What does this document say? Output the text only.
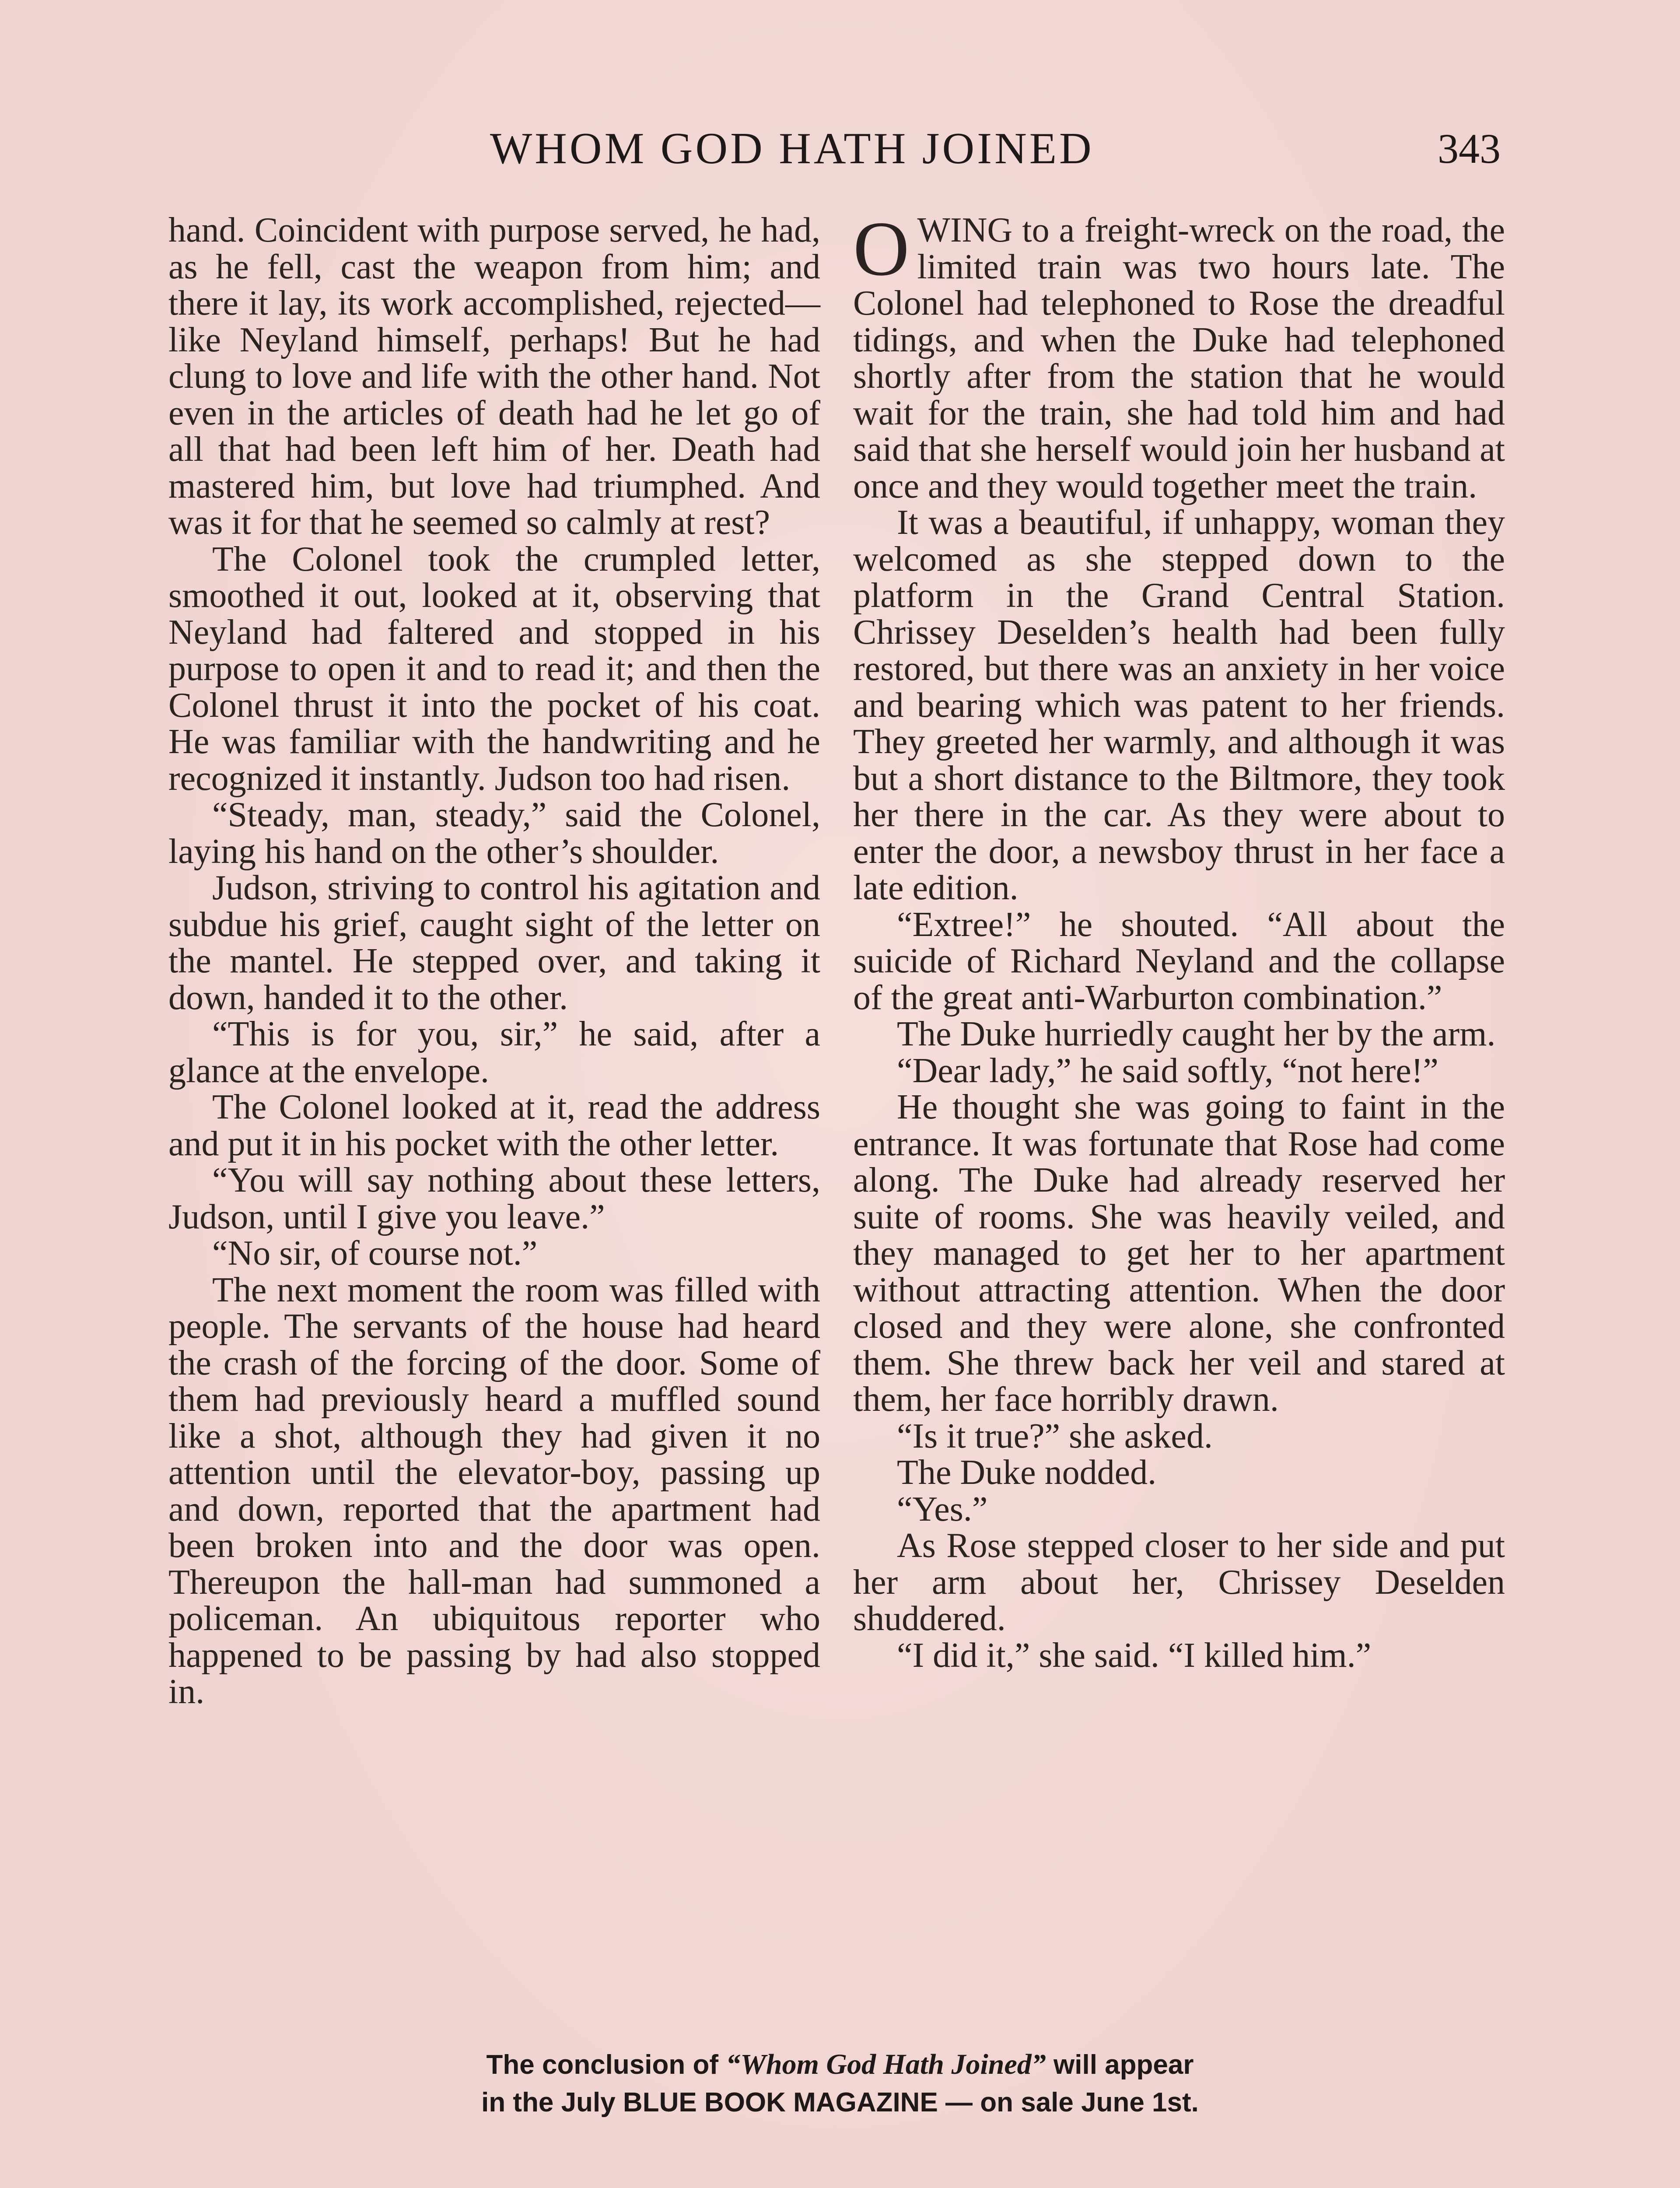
WHOM GOD HATH JOINED	343

hand. Coincident with purpose served, he had, as he fell, cast the weapon from him; and there it lay, its work accomplished, rejected—like Neyland himself, perhaps! But he had clung to love and life with the other hand. Not even in the articles of death had he let go of all that had been left him of her. Death had mastered him, but love had triumphed. And was it for that he seemed so calmly at rest?

The Colonel took the crumpled letter, smoothed it out, looked at it, observing that Neyland had faltered and stopped in his purpose to open it and to read it; and then the Colonel thrust it into the pocket of his coat. He was familiar with the handwriting and he recognized it instantly. Judson too had risen.

“Steady, man, steady,” said the Colonel, laying his hand on the other’s shoulder.

Judson, striving to control his agitation and subdue his grief, caught sight of the letter on the mantel. He stepped over, and taking it down, handed it to the other.

“This is for you, sir,” he said, after a glance at the envelope.

The Colonel looked at it, read the address and put it in his pocket with the other letter.

“You will say nothing about these letters, Judson, until I give you leave.”

“No sir, of course not.”

The next moment the room was filled with people. The servants of the house had heard the crash of the forcing of the door. Some of them had previously heard a muffled sound like a shot, although they had given it no attention until the elevator-boy, passing up and down, reported that the apartment had been broken into and the door was open. Thereupon the hall-man had summoned a policeman. An ubiquitous reporter who happened to be passing by had also stopped in.

OWING to a freight-wreck on the road, the limited train was two hours late. The Colonel had telephoned to Rose the dreadful tidings, and when the Duke had telephoned shortly after from the station that he would wait for the train, she had told him and had said that she herself would join her husband at once and they would together meet the train.

It was a beautiful, if unhappy, woman they welcomed as she stepped down to the platform in the Grand Central Station. Chrissey Deselden’s health had been fully restored, but there was an anxiety in her voice and bearing which was patent to her friends. They greeted her warmly, and although it was but a short distance to the Biltmore, they took her there in the car. As they were about to enter the door, a newsboy thrust in her face a late edition.

“Extree!” he shouted. “All about the suicide of Richard Neyland and the collapse of the great anti-Warburton combination.”

The Duke hurriedly caught her by the arm.

“Dear lady,” he said softly, “not here!”

He thought she was going to faint in the entrance. It was fortunate that Rose had come along. The Duke had already reserved her suite of rooms. She was heavily veiled, and they managed to get her to her apartment without attracting attention. When the door closed and they were alone, she confronted them. She threw back her veil and stared at them, her face horribly drawn.

“Is it true?” she asked.

The Duke nodded.

“Yes.”

As Rose stepped closer to her side and put her arm about her, Chrissey Deselden shuddered.

“I did it,” she said. “I killed him.”

The conclusion of “Whom God Hath Joined” will appear
in the July BLUE BOOK MAGAZINE — on sale June 1st.
